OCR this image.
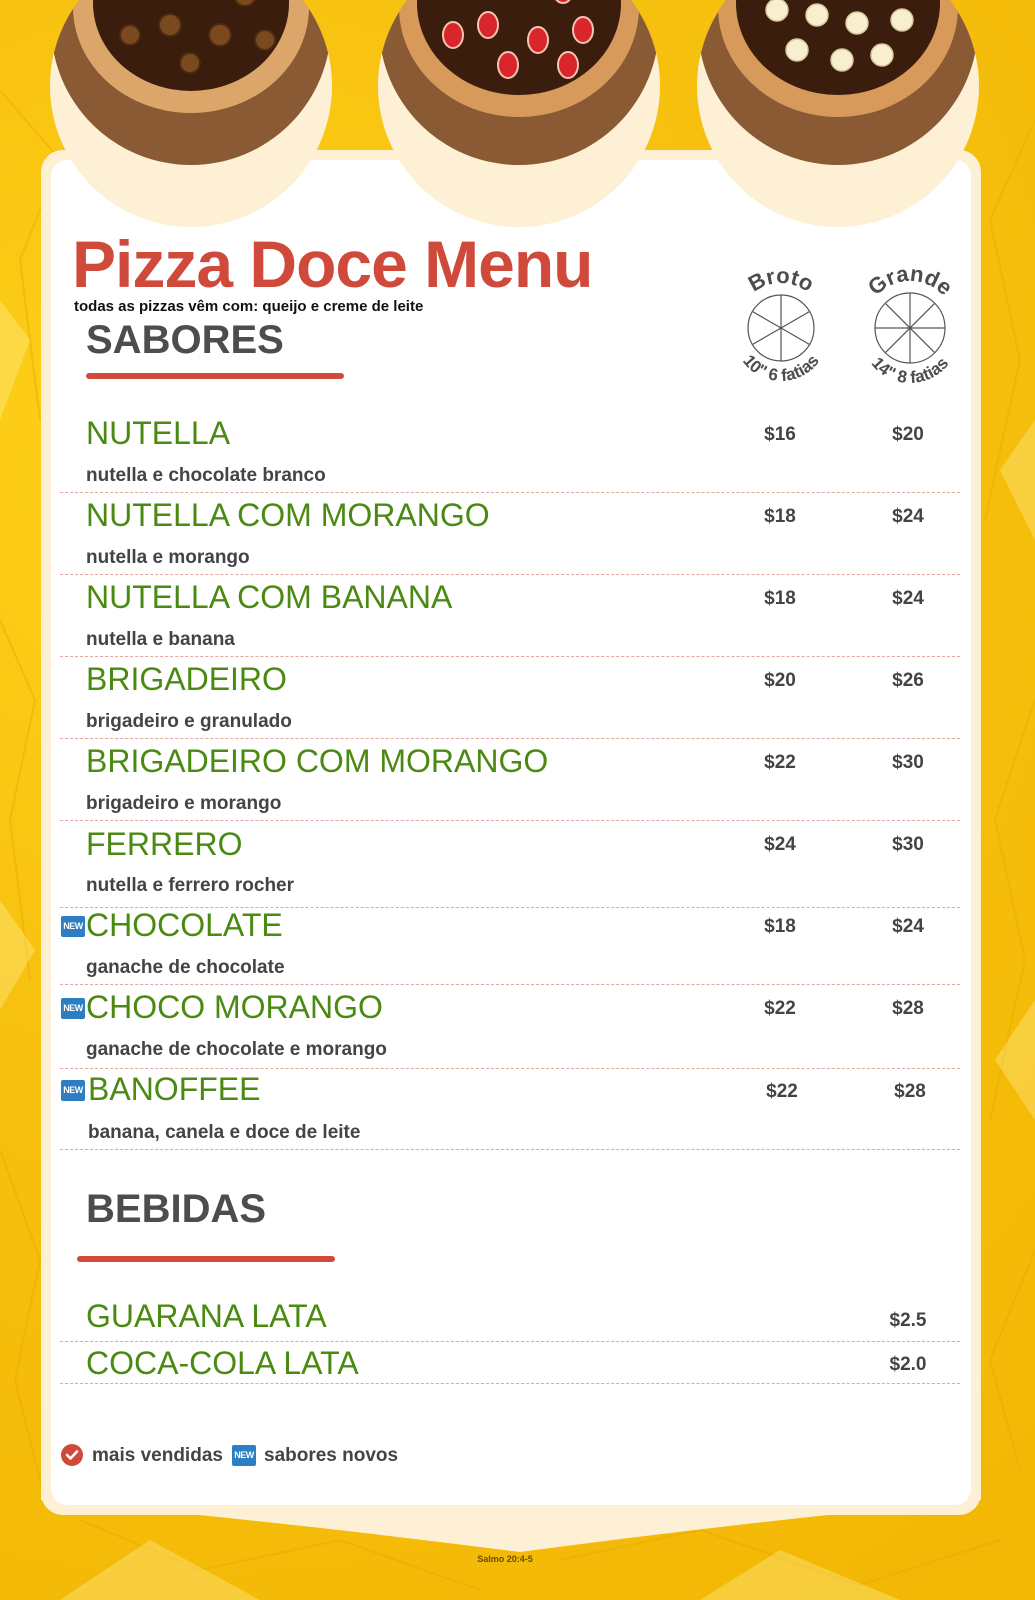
Pizza Doce Menu
todas as pizzas vêm com: queijo e creme de leite
Broto
10" 6 fatias
Grande
14" 8 fatias
SABORES
NUTELLA
nutella e chocolate branco
$16	$20
NUTELLA COM MORANGO
nutella e morango
$18	$24
NUTELLA COM BANANA
nutella e banana
$18	$24
BRIGADEIRO
brigadeiro e granulado
$20	$26
BRIGADEIRO COM MORANGO
brigadeiro e morango
$22	$30
FERRERO
nutella e ferrero rocher
$24	$30
NEW CHOCOLATE
ganache de chocolate
$18	$24
NEW CHOCO MORANGO
ganache de chocolate e morango
$22	$28
NEW BANOFFEE
banana, canela e doce de leite
$22	$28
BEBIDAS
GUARANA LATA	$2.5
COCA-COLA LATA	$2.0
mais vendidas NEW sabores novos
Salmo 20:4-5
